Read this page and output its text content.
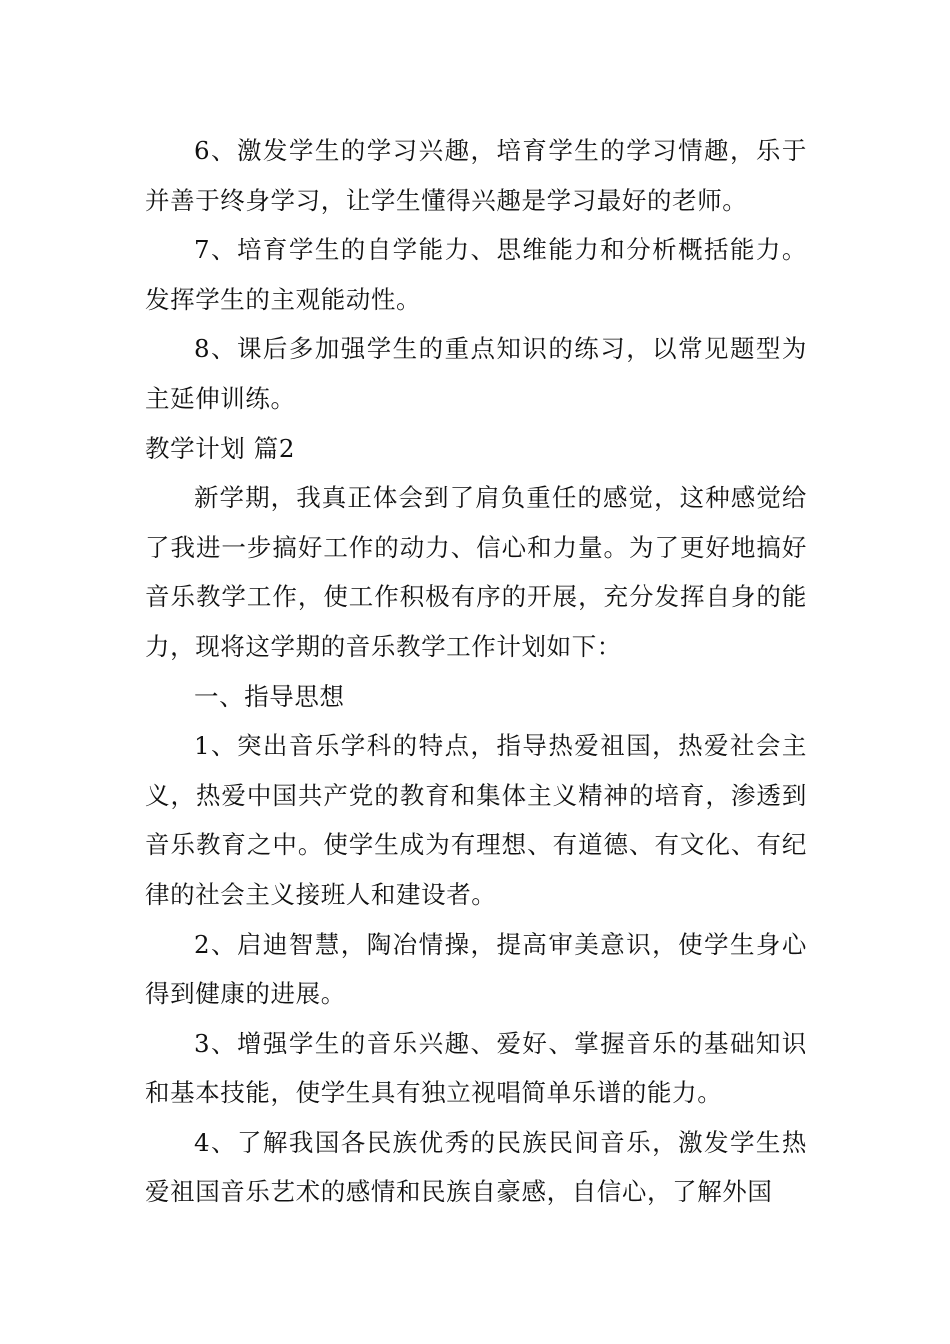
6、激发学生的学习兴趣，培育学生的学习情趣，乐于并善于终身学习，让学生懂得兴趣是学习最好的老师。

7、培育学生的自学能力、思维能力和分析概括能力。发挥学生的主观能动性。

8、课后多加强学生的重点知识的练习，以常见题型为主延伸训练。

教学计划 篇2

新学期，我真正体会到了肩负重任的感觉，这种感觉给了我进一步搞好工作的动力、信心和力量。为了更好地搞好音乐教学工作，使工作积极有序的开展，充分发挥自身的能力，现将这学期的音乐教学工作计划如下：

一、指导思想

1、突出音乐学科的特点，指导热爱祖国，热爱社会主义，热爱中国共产党的教育和集体主义精神的培育，渗透到音乐教育之中。使学生成为有理想、有道德、有文化、有纪律的社会主义接班人和建设者。

2、启迪智慧，陶冶情操，提高审美意识，使学生身心得到健康的进展。

3、增强学生的音乐兴趣、爱好、掌握音乐的基础知识和基本技能，使学生具有独立视唱简单乐谱的能力。

4、了解我国各民族优秀的民族民间音乐，激发学生热爱祖国音乐艺术的感情和民族自豪感，自信心，了解外国
